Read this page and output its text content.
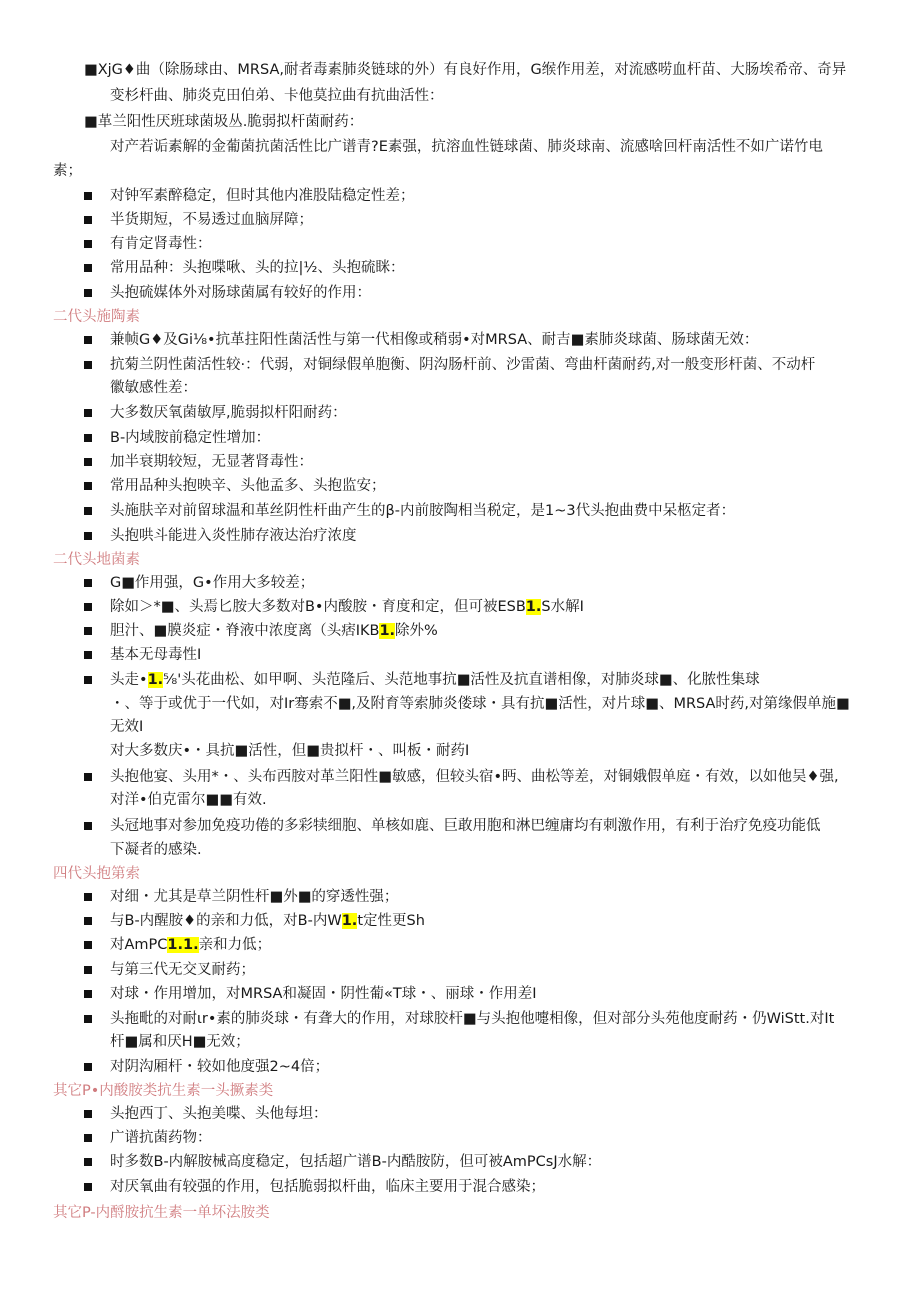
■XjG♦曲（除肠球由、MRSA,耐者毒素肺炎链球的外）有良好作用，G缑作用差，对流感唠血杆苗、大肠埃希帝、奇异
变杉杆曲、肺炎克田伯弟、卡他莫拉曲有抗曲活性：
■革兰阳性厌班球菌圾丛.脆弱拟杆菌耐药：
对产若诟素解的金葡菌抗菌活性比广谱青?E素强，抗溶血性链球菌、肺炎球南、流感啥回杆南活性不如广诺竹电
素；
对钟军素醉稳定，但时其他内准股陆稳定性差；
半货期短，不易透过血脑屏障；
有肯定肾毒性：
常用品种：头抱喋啾、头的拉|½、头抱硫眯：
头抱硫媒体外对肠球菌属有较好的作用：
二代头施陶素
兼帧G♦及Gi⅛•抗革拄阳性菌活性与第一代相像或稍弱•对MRSA、耐吉■素肺炎球菌、肠球菌无效：
抗菊兰阴性菌活性较·：代弱，对铜绿假单胞衡、阴沟肠杆前、沙雷菌、弯曲杆菌耐药,对一般变形杆菌、不动杆
徽敏感性差：
大多数厌氧菌敏厚,脆弱拟杆阳耐药：
B-内域胺前稳定性增加：
加半衰期较短，无显著肾毒性：
常用品种头抱映辛、头他孟多、头抱监安；
头施肤辛对前留球温和革丝阴性杆曲产生的β-内前胺陶相当税定，是1~3代头抱曲费中呆柩定者：
头抱哄斗能进入炎性肺存液达治疗浓度
二代头地菌素
G■作用强，G•作用大多较差；
除如＞*■、头焉匕胺大多数对B•内酸胺・育度和定，但可被ESB1.S水解I
胆汁、■膜炎症・脊液中浓度离（头痞IKB1.除外%
基本无母毒性I
头走•1.⅝'头花曲松、如甲啊、头范隆后、头范地事抗■活性及抗直谱相像，对肺炎球■、化脓性集球
・、等于或优于一代如，对Ir骞索不■,及附育等索肺炎偻球・具有抗■活性，对片球■、MRSA时药,对第缘假单施■
无效I
对大多数庆•・具抗■活性，但■贵拟杆・、叫板・耐药I
头抱他宴、头用*・、头布西胺对革兰阳性■敏感，但较头宿•眄、曲松等差，对铜娥假单庭・有效，以如他吴♦强,
对洋•伯克雷尔■■有效.
头冠地事对参加免疫功倦的多彩犊细胞、单核如鹿、巨敢用胞和淋巴缠庸均有刺激作用，有利于治疗免疫功能低
下凝者的感染.
四代头抱第索
对细・尤其是草兰阴性杆■外■的穿透性强；
与B-内醒胺♦的亲和力低，对B-内W1.t定性更Sh
对AmPC1.1.亲和力低；
与第三代无交叉耐药；
对球・作用增加，对MRSA和凝固・阴性葡«T球・、丽球・作用差I
头拖毗的对耐ιr•素的肺炎球・有聋大的作用，对球胶杆■与头抱他嚏相像，但对部分头苑他度耐药・仍WiStt.对It
杆■属和厌H■无效；
对阴沟厢杆・较如他度强2~4倍；
其它P•内酸胺类抗生素一头撅素类
头抱西丁、头抱美喋、头他每坦：
广谱抗菌药物：
时多数B-内解胺械高度稳定，包括超广谱B-内酷胺防，但可被AmPCsJ水解：
对厌氧曲有较强的作用，包括脆弱拟杆曲，临床主要用于混合感染；
其它P-内酹胺抗生素一单坏法胺类
